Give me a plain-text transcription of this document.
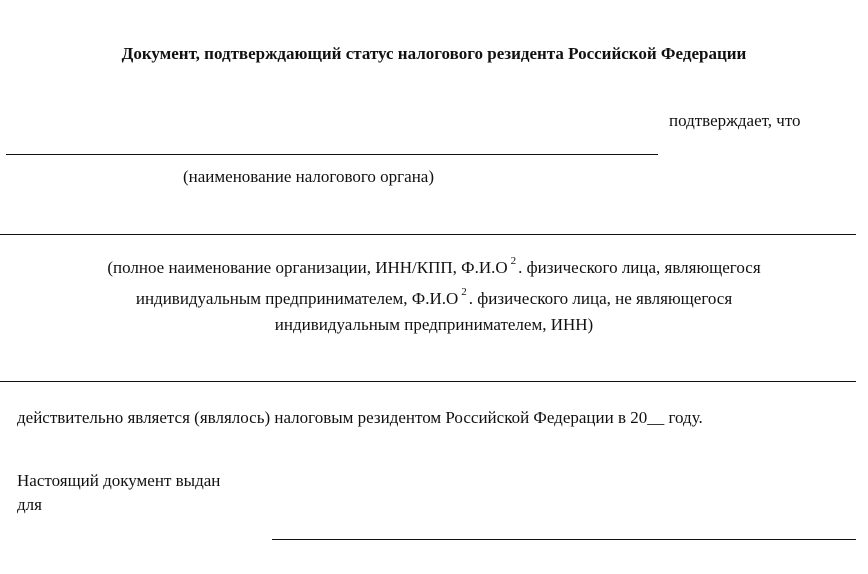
Документ, подтверждающий статус налогового резидента Российской Федерации
подтверждает, что
(наименование налогового органа)
(полное наименование организации, ИНН/КПП, Ф.И.О $^2$ . физического лица, являющегося
индивидуальным предпринимателем, Ф.И.О $^2$ . физического лица, не являющегося
индивидуальным предпринимателем, ИНН)
действительно является (являлось) налоговым резидентом Российской Федерации в 20__ году.
Настоящий документ выдан
для
